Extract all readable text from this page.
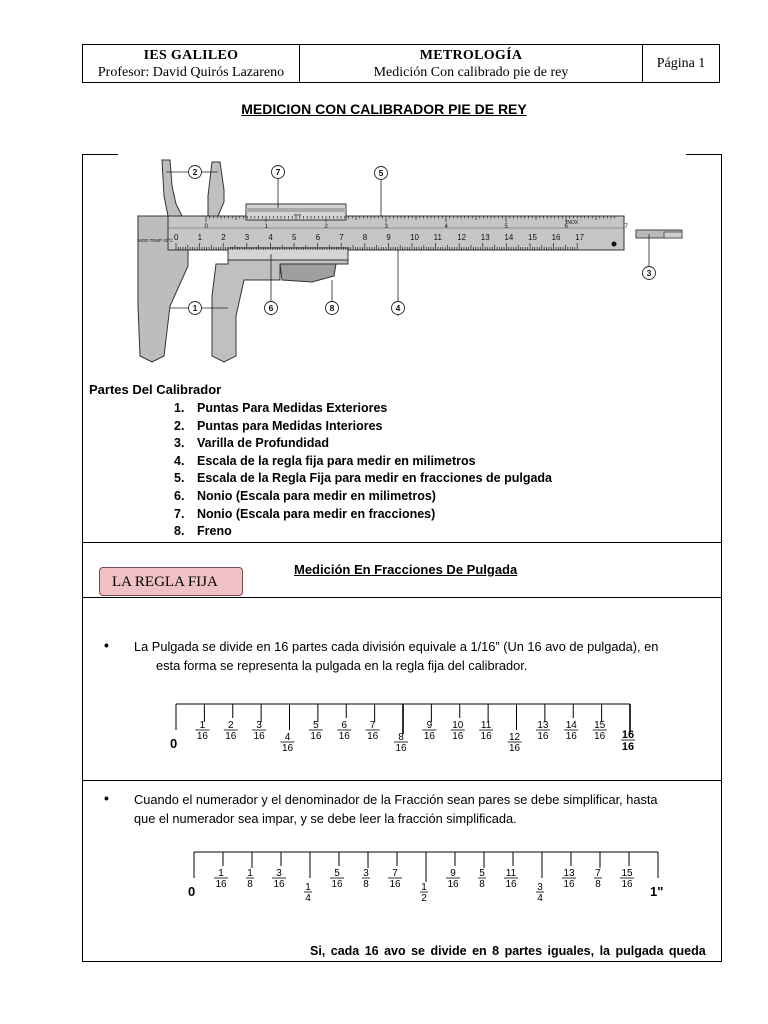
IES GALILEO
Profesor: David Quirós Lazareno
METROLOGÍA
Medición Con calibrado pie de rey
Página 1
MEDICION CON CALIBRADOR PIE DE REY
0 1 2 3 4 5 6 7 8 9 10 11 12 13 14 15 16 17
0	1	2	3	4	5	6	7
MOD TEMP 20°C
INOX
inch
1
2
3
4
5
6
7
8
Partes Del Calibrador
1. Puntas Para Medidas Exteriores
2. Puntas para Medidas Interiores
3. Varilla de Profundidad
4. Escala de la regla fija para medir en milimetros
5. Escala de la Regla Fija para medir en fracciones de pulgada
6. Nonio (Escala para medir en milimetros)
7. Nonio (Escala para medir en fracciones)
8. Freno
LA REGLA FIJA
Medición En Fracciones De Pulgada
• La Pulgada se divide en 16 partes cada división equivale a 1/16” (Un 16 avo de pulgada), en
esta forma se representa la pulgada en la regla fija del calibrador.
0
1
16
2
16
3
16 4
16
5
16
6
16
7
16 8
16
9
16
10
16
11
16 12
16
13
16
14
16
15
16 16
16
• Cuando el numerador y el denominador de la Fracción sean pares se debe simplificar, hasta
que el numerador sea impar, y se debe leer la fracción simplificada.
0	1"
1
16
1
8
3
16 1
4
5
16
3
8
7
16 1
2
9
16
5
8
11
16 3
4
13
16
7
8
15
16
Si, cada 16 avo se divide en 8 partes iguales, la pulgada queda
